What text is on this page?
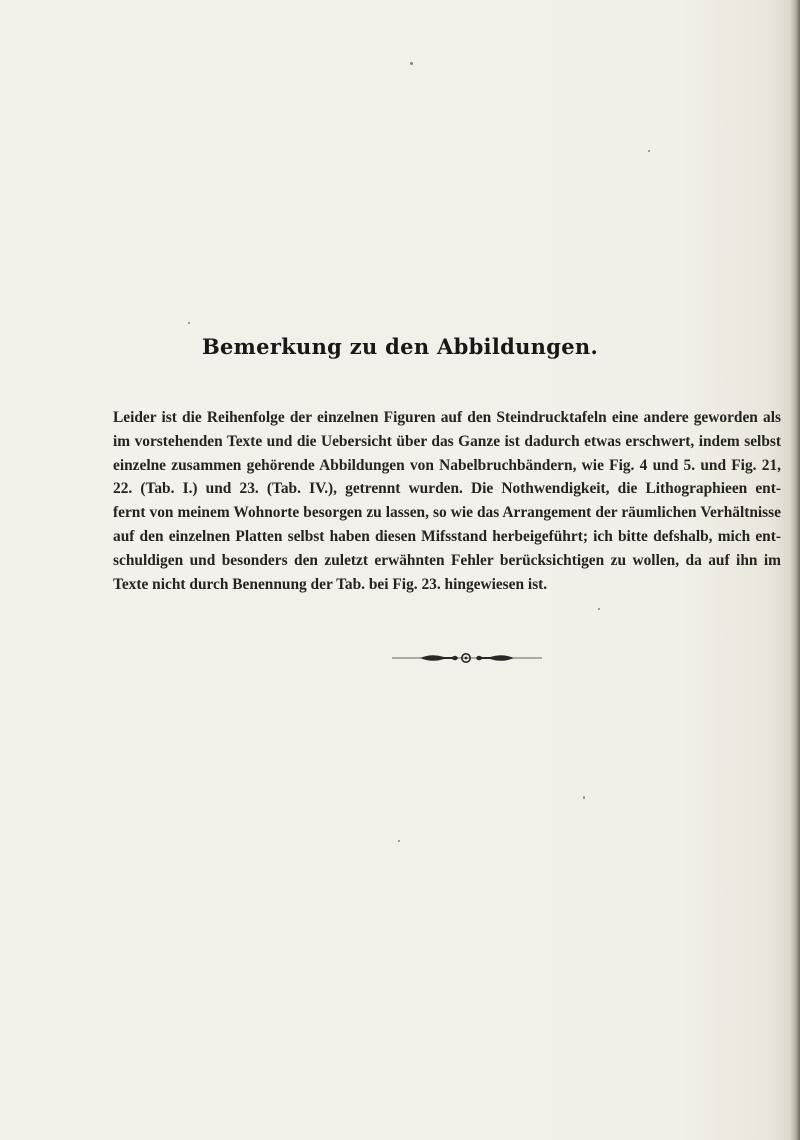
Bemerkung zu den Abbildungen.
Leider ist die Reihenfolge der einzelnen Figuren auf den Steindrucktafeln eine andere geworden als
im vorstehenden Texte und die Uebersicht über das Ganze ist dadurch etwas erschwert, indem selbst
einzelne zusammen gehörende Abbildungen von Nabelbruchbändern, wie Fig. 4 und 5. und Fig. 21,
22. (Tab. I.) und 23. (Tab. IV.), getrennt wurden. Die Nothwendigkeit, die Lithographieen ent-
fernt von meinem Wohnorte besorgen zu lassen, so wie das Arrangement der räumlichen Verhältnisse
auf den einzelnen Platten selbst haben diesen Mifsstand herbeigeführt; ich bitte defshalb, mich ent-
schuldigen und besonders den zuletzt erwähnten Fehler berücksichtigen zu wollen, da auf ihn im
Texte nicht durch Benennung der Tab. bei Fig. 23. hingewiesen ist.
